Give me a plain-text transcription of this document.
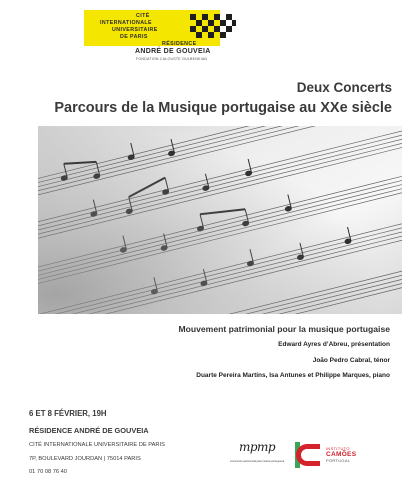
CITÉ
INTERNATIONALE
UNIVERSITAIRE
DE PARIS
RÉSIDENCE
ANDRÉ DE GOUVEIA
FONDATION CALOUSTE GULBENKIAN
Deux Concerts
Parcours de la Musique portugaise au XXe siècle
Mouvement patrimonial pour la musique portugaise
Edward Ayres d’Abreu, présentation
João Pedro Cabral, ténor
Duarte Pereira Martins, Isa Antunes et Philippe Marques, piano
6 ET 8 FÉVRIER, 19H
RÉSIDENCE ANDRÉ DE GOUVEIA
CITÉ INTERNATIONALE UNIVERSITAIRE DE PARIS
7P, BOULEVARD JOURDAN | 75014 PARIS
01 70 08 76 40
mpmp
movimento patrimonial pela música portuguesa
INSTITUTO
CAMÕES
PORTUGAL
